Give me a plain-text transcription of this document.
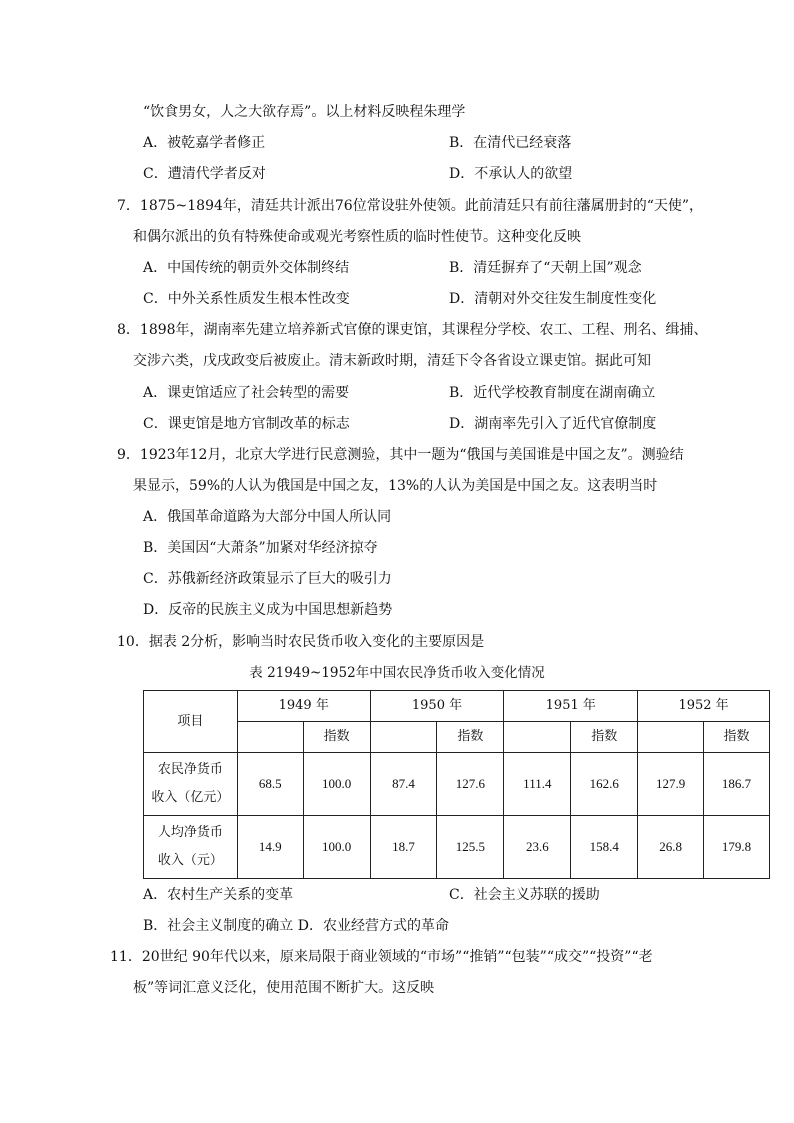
“饮食男女，人之大欲存焉”。以上材料反映程朱理学
A．被乾嘉学者修正	B．在清代已经衰落
C．遭清代学者反对	D．不承认人的欲望
7．1875~1894年，清廷共计派出76位常设驻外使领。此前清廷只有前往藩属册封的“天使”，
和偶尔派出的负有特殊使命或观光考察性质的临时性使节。这种变化反映
A．中国传统的朝贡外交体制终结	B．清廷摒弃了“天朝上国”观念
C．中外关系性质发生根本性改变	D．清朝对外交往发生制度性变化
8．1898年，湖南率先建立培养新式官僚的课吏馆，其课程分学校、农工、工程、刑名、缉捕、
交涉六类，戊戌政变后被废止。清末新政时期，清廷下令各省设立课吏馆。据此可知
A．课吏馆适应了社会转型的需要	B．近代学校教育制度在湖南确立
C．课吏馆是地方官制改革的标志	D．湖南率先引入了近代官僚制度
9．1923年12月，北京大学进行民意测验，其中一题为“俄国与美国谁是中国之友”。测验结
果显示，59%的人认为俄国是中国之友，13%的人认为美国是中国之友。这表明当时
A．俄国革命道路为大部分中国人所认同
B．美国因“大萧条”加紧对华经济掠夺
C．苏俄新经济政策显示了巨大的吸引力
D．反帝的民族主义成为中国思想新趋势
10．据表 2分析，影响当时农民货币收入变化的主要原因是
表 21949~1952年中国农民净货币收入变化情况
项目	1949 年		1950 年		1951 年		1952 年	
		指数		指数		指数		指数

农民净货币
收入（亿元）	68.5	100.0	87.4	127.6	111.4	162.6	127.9	186.7

人均净货币
收入（元）	14.9	100.0	18.7	125.5	23.6	158.4	26.8	179.8
A．农村生产关系的变革	C．社会主义苏联的援助
B．社会主义制度的确立 D．农业经营方式的革命
11．20世纪 90年代以来，原来局限于商业领域的“市场”“推销”“包装”“成交”“投资”“老
板”等词汇意义泛化，使用范围不断扩大。这反映
